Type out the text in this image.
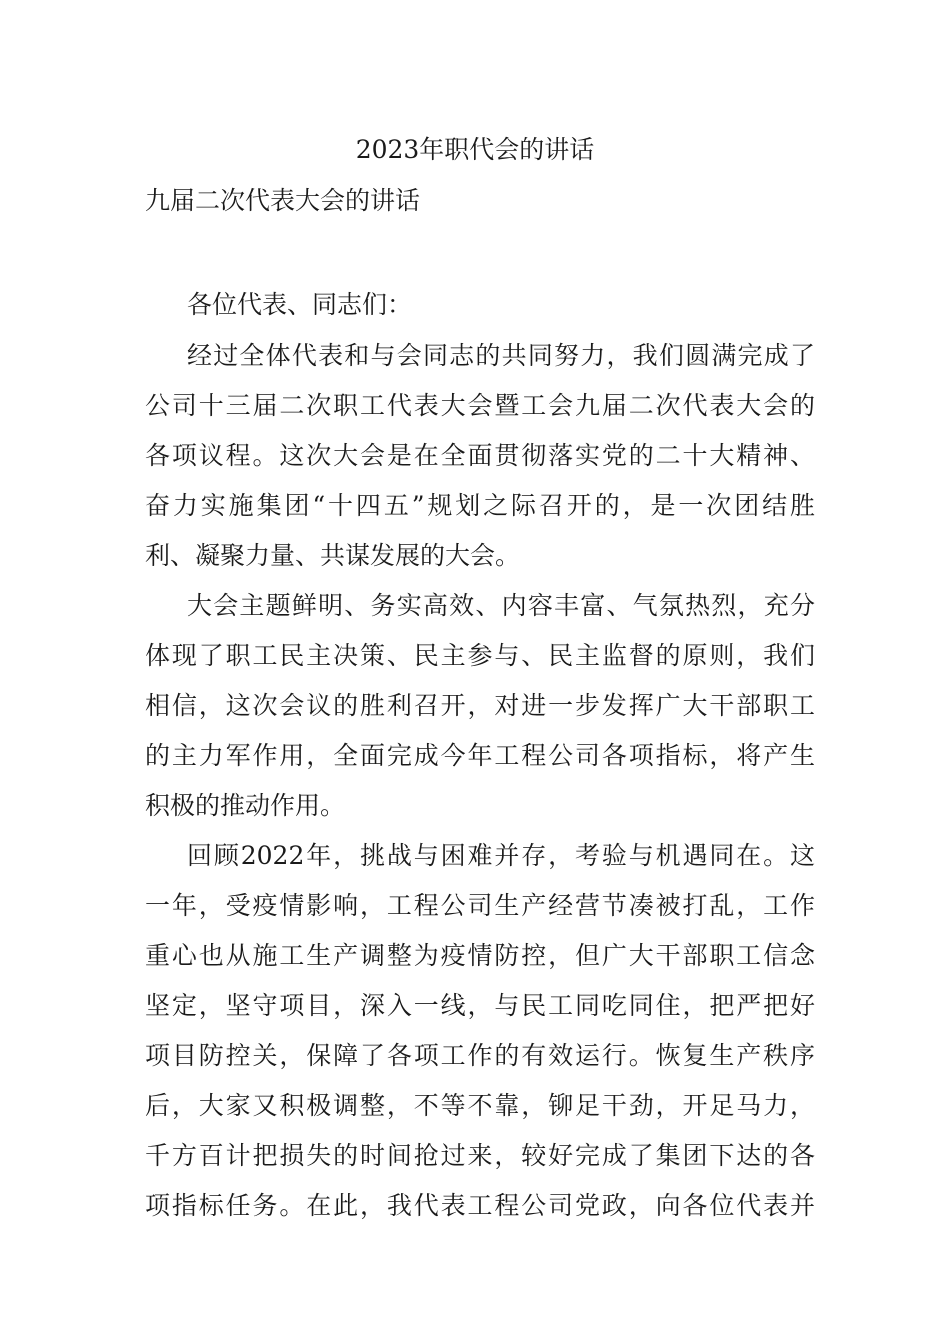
2023年职代会的讲话
九届二次代表大会的讲话

各位代表、同志们：

经过全体代表和与会同志的共同努力，我们圆满完成了

公司十三届二次职工代表大会暨工会九届二次代表大会的

各项议程。这次大会是在全面贯彻落实党的二十大精神、

奋力实施集团“十四五”规划之际召开的，是一次团结胜

利、凝聚力量、共谋发展的大会。

大会主题鲜明、务实高效、内容丰富、气氛热烈，充分

体现了职工民主决策、民主参与、民主监督的原则，我们

相信，这次会议的胜利召开，对进一步发挥广大干部职工

的主力军作用，全面完成今年工程公司各项指标，将产生

积极的推动作用。

回顾2022年，挑战与困难并存，考验与机遇同在。这

一年，受疫情影响，工程公司生产经营节凑被打乱，工作

重心也从施工生产调整为疫情防控，但广大干部职工信念

坚定，坚守项目，深入一线，与民工同吃同住，把严把好

项目防控关，保障了各项工作的有效运行。恢复生产秩序

后，大家又积极调整，不等不靠，铆足干劲，开足马力，

千方百计把损失的时间抢过来，较好完成了集团下达的各

项指标任务。在此，我代表工程公司党政，向各位代表并
